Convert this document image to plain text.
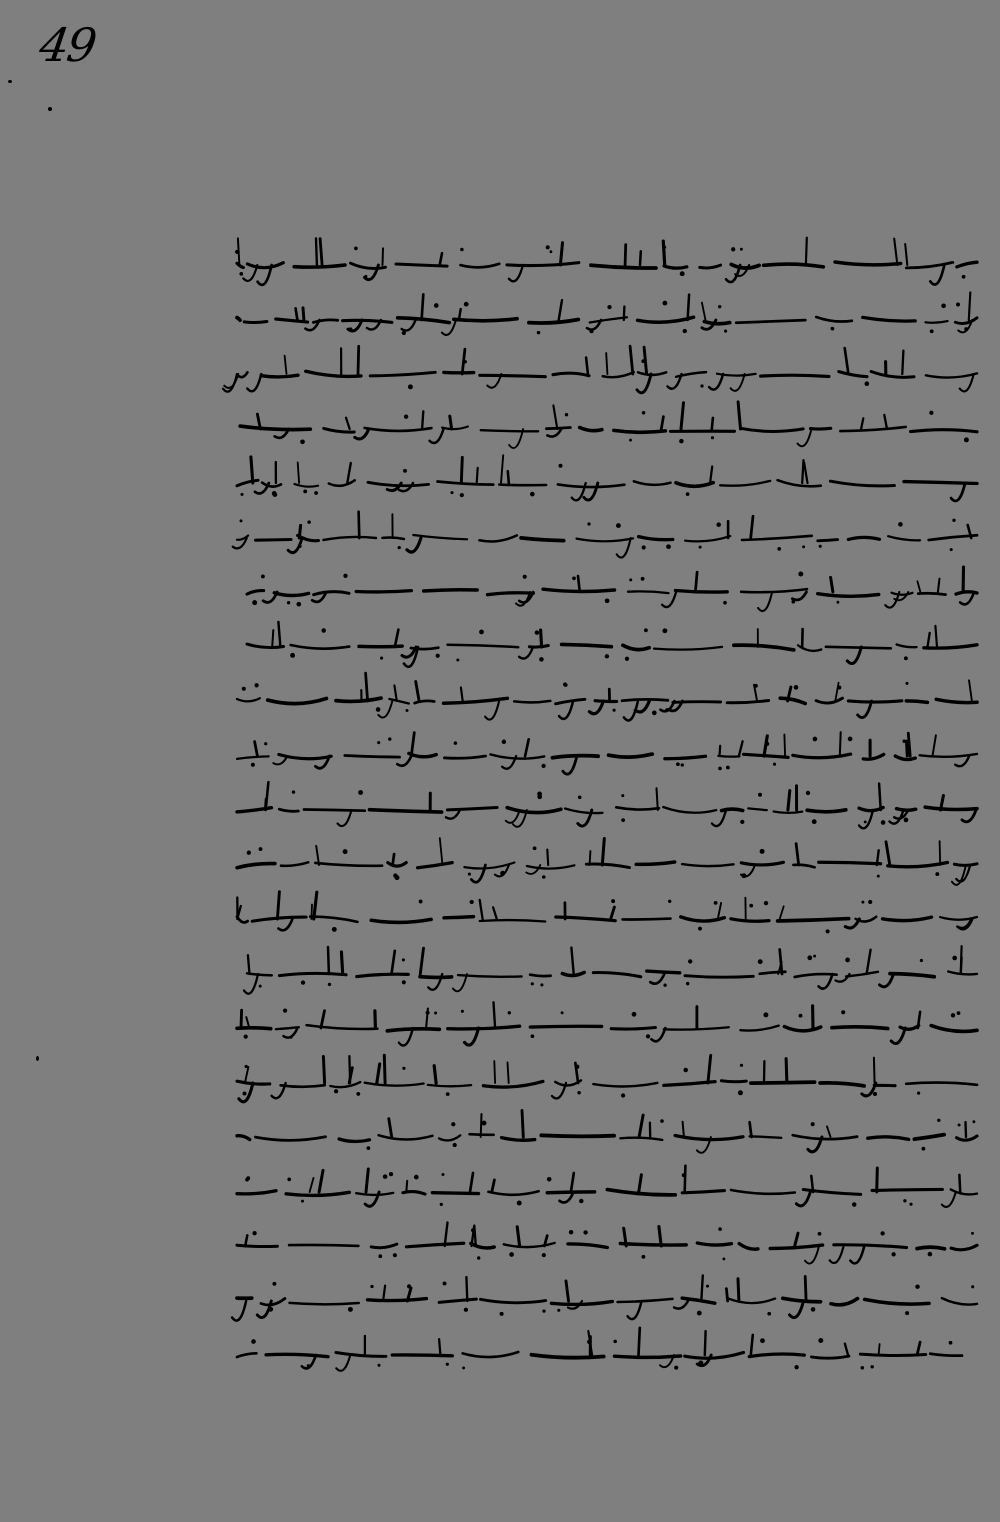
49
